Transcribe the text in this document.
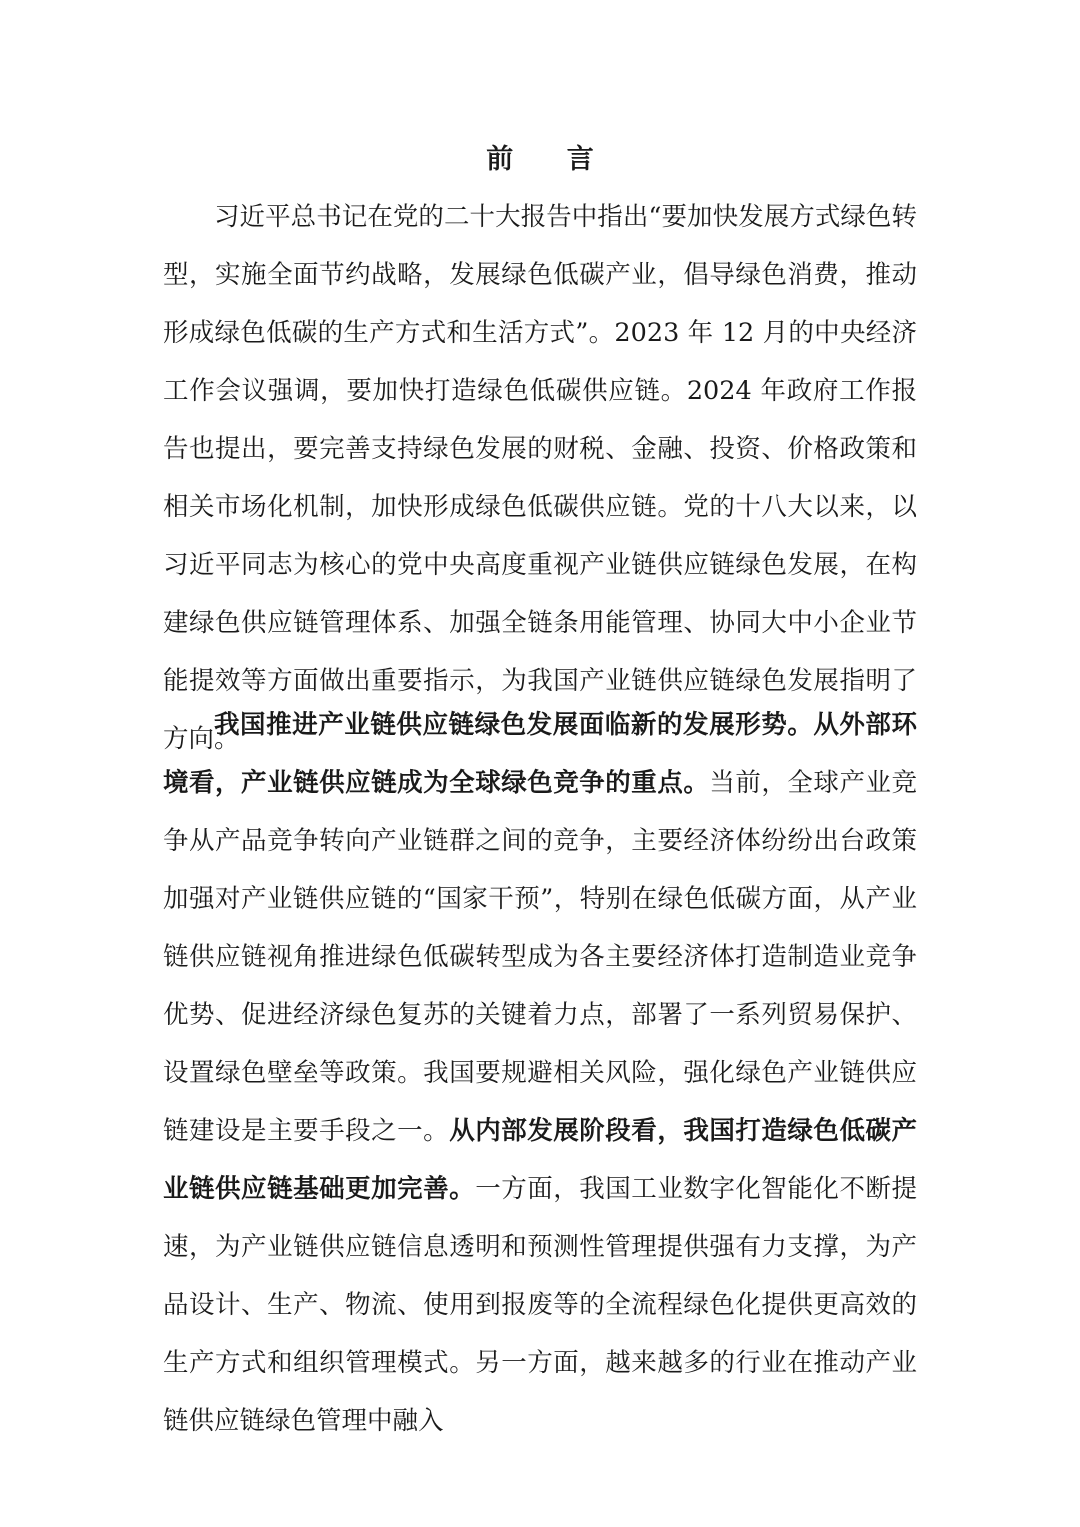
前 言

习近平总书记在党的二十大报告中指出“要加快发展方式绿色转型，实施全面节约战略，发展绿色低碳产业，倡导绿色消费，推动形成绿色低碳的生产方式和生活方式”。2023 年 12 月的中央经济工作会议强调，要加快打造绿色低碳供应链。2024 年政府工作报告也提出，要完善支持绿色发展的财税、金融、投资、价格政策和相关市场化机制，加快形成绿色低碳供应链。党的十八大以来，以习近平同志为核心的党中央高度重视产业链供应链绿色发展，在构建绿色供应链管理体系、加强全链条用能管理、协同大中小企业节能提效等方面做出重要指示，为我国产业链供应链绿色发展指明了方向。

我国推进产业链供应链绿色发展面临新的发展形势。从外部环境看，产业链供应链成为全球绿色竞争的重点。当前，全球产业竞争从产品竞争转向产业链群之间的竞争，主要经济体纷纷出台政策加强对产业链供应链的“国家干预”，特别在绿色低碳方面，从产业链供应链视角推进绿色低碳转型成为各主要经济体打造制造业竞争优势、促进经济绿色复苏的关键着力点，部署了一系列贸易保护、设置绿色壁垒等政策。我国要规避相关风险，强化绿色产业链供应链建设是主要手段之一。从内部发展阶段看，我国打造绿色低碳产业链供应链基础更加完善。一方面，我国工业数字化智能化不断提速，为产业链供应链信息透明和预测性管理提供强有力支撑，为产品设计、生产、物流、使用到报废等的全流程绿色化提供更高效的生产方式和组织管理模式。另一方面，越来越多的行业在推动产业链供应链绿色管理中融入
